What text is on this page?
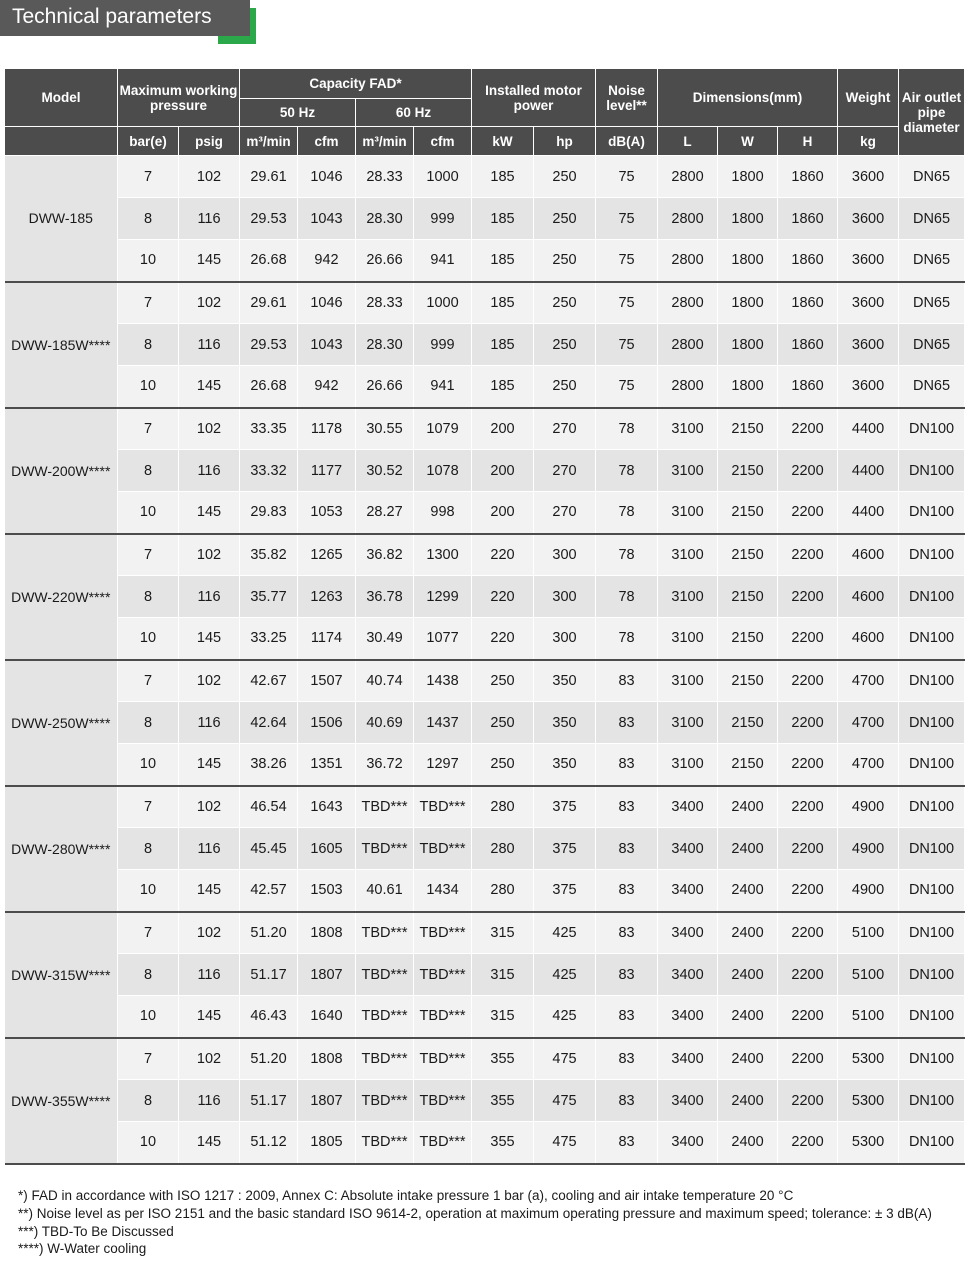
Technical parameters
Model	Maximum working pressure		Capacity FAD*				Installed motor power		Noise level**	Dimensions(mm)			Weight	Air outlet pipe diameter
			50 Hz		60 Hz									
	bar(e)	psig	m³/min	cfm	m³/min	cfm	kW	hp	dB(A)	L	W	H	kg	
DWW-185	7	102	29.61	1046	28.33	1000	185	250	75	2800	1800	1860	3600	DN65
	8	116	29.53	1043	28.30	999	185	250	75	2800	1800	1860	3600	DN65
	10	145	26.68	942	26.66	941	185	250	75	2800	1800	1860	3600	DN65
DWW-185W****	7	102	29.61	1046	28.33	1000	185	250	75	2800	1800	1860	3600	DN65
	8	116	29.53	1043	28.30	999	185	250	75	2800	1800	1860	3600	DN65
	10	145	26.68	942	26.66	941	185	250	75	2800	1800	1860	3600	DN65
DWW-200W****	7	102	33.35	1178	30.55	1079	200	270	78	3100	2150	2200	4400	DN100
	8	116	33.32	1177	30.52	1078	200	270	78	3100	2150	2200	4400	DN100
	10	145	29.83	1053	28.27	998	200	270	78	3100	2150	2200	4400	DN100
DWW-220W****	7	102	35.82	1265	36.82	1300	220	300	78	3100	2150	2200	4600	DN100
	8	116	35.77	1263	36.78	1299	220	300	78	3100	2150	2200	4600	DN100
	10	145	33.25	1174	30.49	1077	220	300	78	3100	2150	2200	4600	DN100
DWW-250W****	7	102	42.67	1507	40.74	1438	250	350	83	3100	2150	2200	4700	DN100
	8	116	42.64	1506	40.69	1437	250	350	83	3100	2150	2200	4700	DN100
	10	145	38.26	1351	36.72	1297	250	350	83	3100	2150	2200	4700	DN100
DWW-280W****	7	102	46.54	1643	TBD***	TBD***	280	375	83	3400	2400	2200	4900	DN100
	8	116	45.45	1605	TBD***	TBD***	280	375	83	3400	2400	2200	4900	DN100
	10	145	42.57	1503	40.61	1434	280	375	83	3400	2400	2200	4900	DN100
DWW-315W****	7	102	51.20	1808	TBD***	TBD***	315	425	83	3400	2400	2200	5100	DN100
	8	116	51.17	1807	TBD***	TBD***	315	425	83	3400	2400	2200	5100	DN100
	10	145	46.43	1640	TBD***	TBD***	315	425	83	3400	2400	2200	5100	DN100
DWW-355W****	7	102	51.20	1808	TBD***	TBD***	355	475	83	3400	2400	2200	5300	DN100
	8	116	51.17	1807	TBD***	TBD***	355	475	83	3400	2400	2200	5300	DN100
	10	145	51.12	1805	TBD***	TBD***	355	475	83	3400	2400	2200	5300	DN100
*) FAD in accordance with ISO 1217 : 2009, Annex C: Absolute intake pressure 1 bar (a), cooling and air intake temperature 20 °C
**) Noise level as per ISO 2151 and the basic standard ISO 9614-2, operation at maximum operating pressure and maximum speed; tolerance: ± 3 dB(A)
***) TBD-To Be Discussed
****) W-Water cooling
